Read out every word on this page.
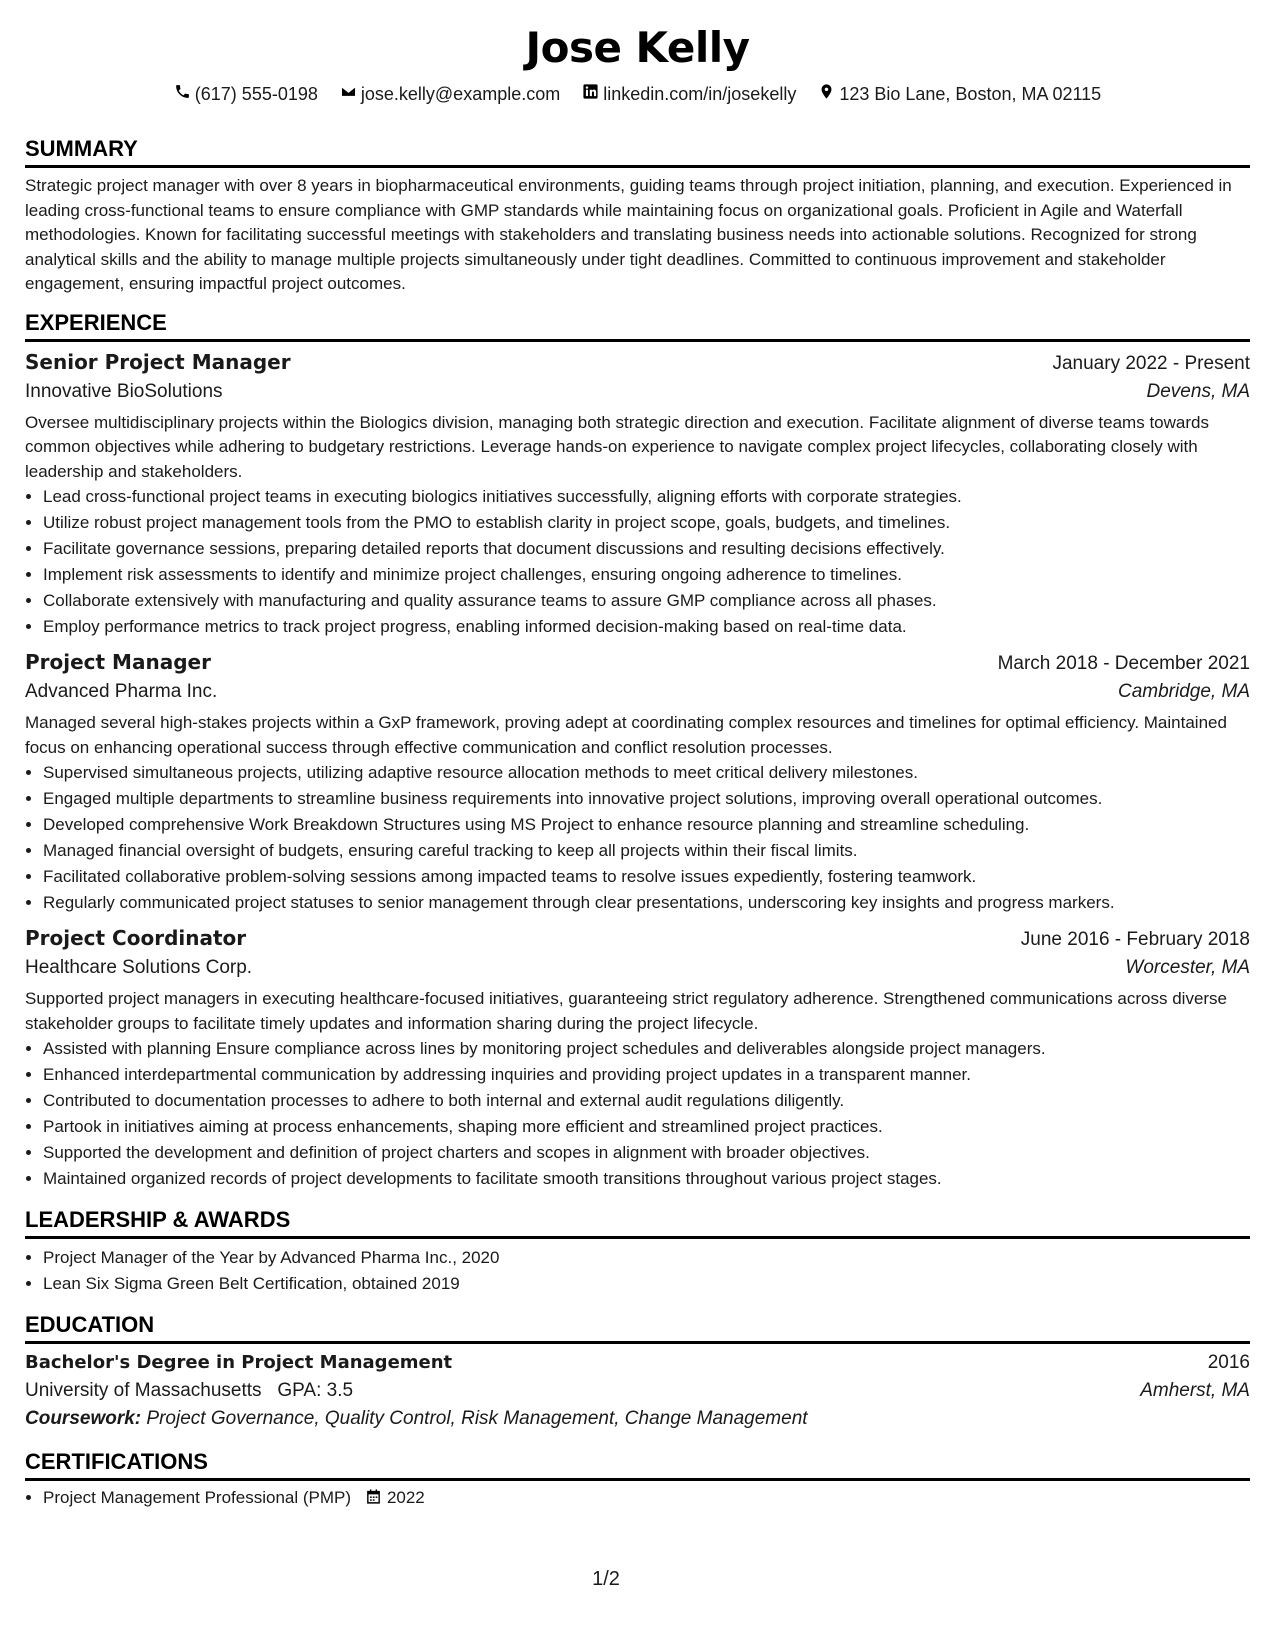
Jose Kelly
(617) 555-0198 jose.kelly@example.com linkedin.com/in/josekelly 123 Bio Lane, Boston, MA 02115
SUMMARY

Strategic project manager with over 8 years in biopharmaceutical environments, guiding teams through project initiation, planning, and execution. Experienced in leading cross-functional teams to ensure compliance with GMP standards while maintaining focus on organizational goals. Proficient in Agile and Waterfall methodologies. Known for facilitating successful meetings with stakeholders and translating business needs into actionable solutions. Recognized for strong analytical skills and the ability to manage multiple projects simultaneously under tight deadlines. Committed to continuous improvement and stakeholder engagement, ensuring impactful project outcomes.

EXPERIENCE
Senior Project Manager	January 2022 - Present
Innovative BioSolutions	Devens, MA

Oversee multidisciplinary projects within the Biologics division, managing both strategic direction and execution. Facilitate alignment of diverse teams towards common objectives while adhering to budgetary restrictions. Leverage hands-on experience to navigate complex project lifecycles, collaborating closely with leadership and stakeholders.

• Lead cross-functional project teams in executing biologics initiatives successfully, aligning efforts with corporate strategies.
• Utilize robust project management tools from the PMO to establish clarity in project scope, goals, budgets, and timelines.
• Facilitate governance sessions, preparing detailed reports that document discussions and resulting decisions effectively.
• Implement risk assessments to identify and minimize project challenges, ensuring ongoing adherence to timelines.
• Collaborate extensively with manufacturing and quality assurance teams to assure GMP compliance across all phases.
• Employ performance metrics to track project progress, enabling informed decision-making based on real-time data.
Project Manager	March 2018 - December 2021
Advanced Pharma Inc.	Cambridge, MA

Managed several high-stakes projects within a GxP framework, proving adept at coordinating complex resources and timelines for optimal efficiency. Maintained focus on enhancing operational success through effective communication and conflict resolution processes.

• Supervised simultaneous projects, utilizing adaptive resource allocation methods to meet critical delivery milestones.
• Engaged multiple departments to streamline business requirements into innovative project solutions, improving overall operational outcomes.
• Developed comprehensive Work Breakdown Structures using MS Project to enhance resource planning and streamline scheduling.
• Managed financial oversight of budgets, ensuring careful tracking to keep all projects within their fiscal limits.
• Facilitated collaborative problem-solving sessions among impacted teams to resolve issues expediently, fostering teamwork.
• Regularly communicated project statuses to senior management through clear presentations, underscoring key insights and progress markers.
Project Coordinator	June 2016 - February 2018
Healthcare Solutions Corp.	Worcester, MA

Supported project managers in executing healthcare-focused initiatives, guaranteeing strict regulatory adherence. Strengthened communications across diverse stakeholder groups to facilitate timely updates and information sharing during the project lifecycle.

• Assisted with planning Ensure compliance across lines by monitoring project schedules and deliverables alongside project managers.
• Enhanced interdepartmental communication by addressing inquiries and providing project updates in a transparent manner.
• Contributed to documentation processes to adhere to both internal and external audit regulations diligently.
• Partook in initiatives aiming at process enhancements, shaping more efficient and streamlined project practices.
• Supported the development and definition of project charters and scopes in alignment with broader objectives.
• Maintained organized records of project developments to facilitate smooth transitions throughout various project stages.
LEADERSHIP & AWARDS
• Project Manager of the Year by Advanced Pharma Inc., 2020
• Lean Six Sigma Green Belt Certification, obtained 2019
EDUCATION
Bachelor's Degree in Project Management	2016
University of Massachusetts GPA: 3.5	Amherst, MA
Coursework: Project Governance, Quality Control, Risk Management, Change Management
CERTIFICATIONS
• Project Management Professional (PMP) 2022
1/2
